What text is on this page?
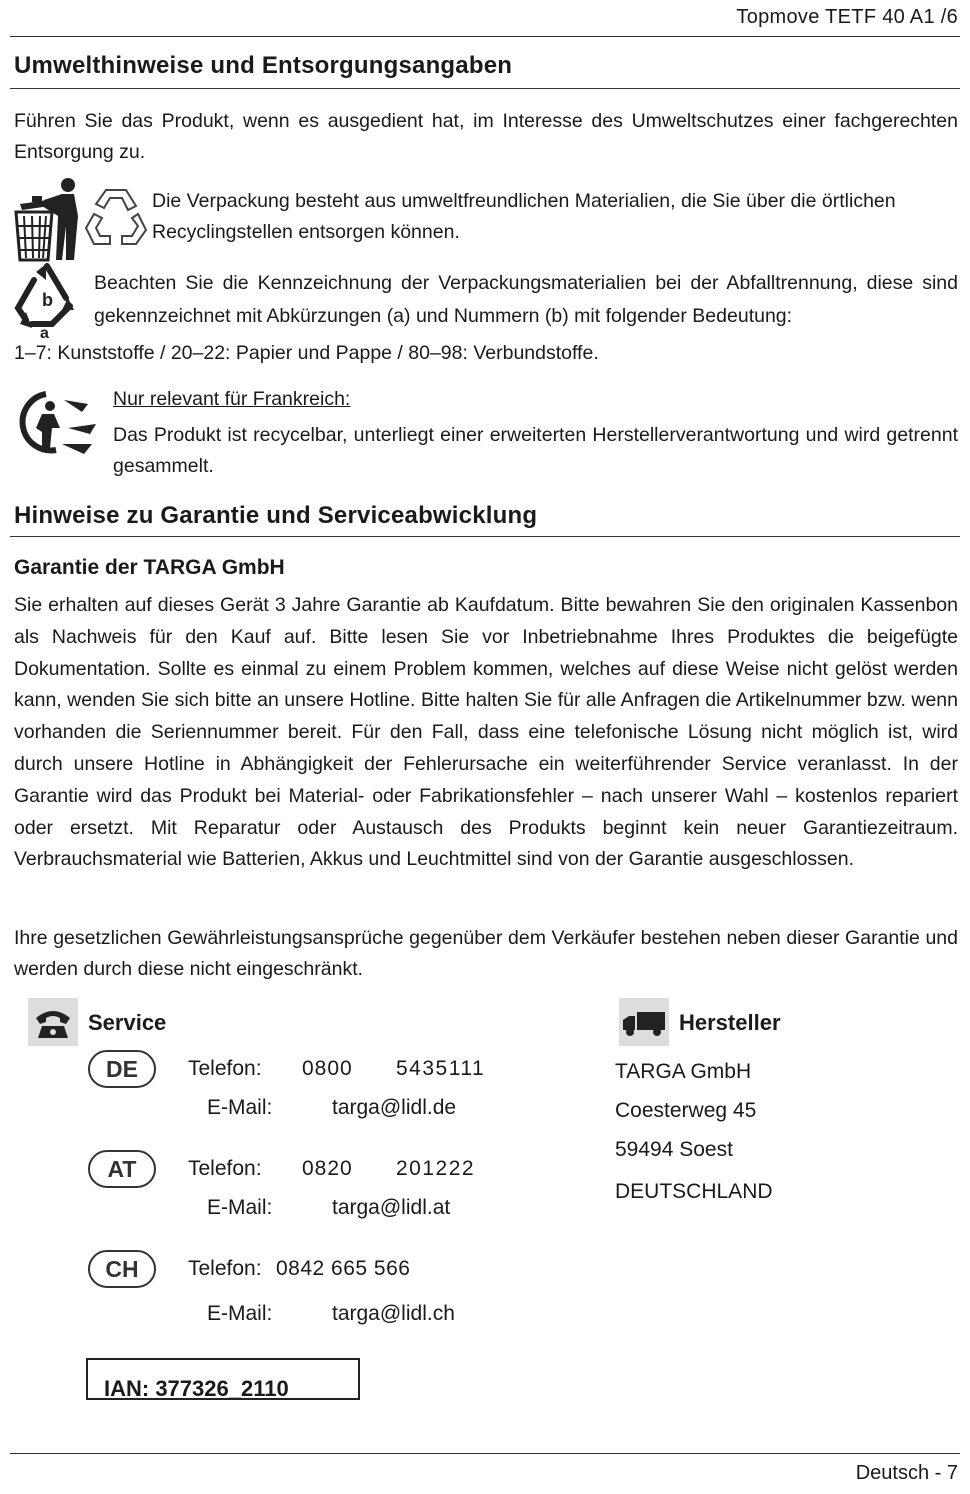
Topmove TETF 40 A1 /6
Umwelthinweise und Entsorgungsangaben

Führen Sie das Produkt, wenn es ausgedient hat, im Interesse des Umweltschutzes einer fachgerechten Entsorgung zu.

Die Verpackung besteht aus umweltfreundlichen Materialien, die Sie über die örtlichen Recyclingstellen entsorgen können.

b
a

Beachten Sie die Kennzeichnung der Verpackungsmaterialien bei der Abfalltrennung, diese sind gekennzeichnet mit Abkürzungen (a) und Nummern (b) mit folgender Bedeutung:

1–7: Kunststoffe / 20–22: Papier und Pappe / 80–98: Verbundstoffe.
Nur relevant für Frankreich:

Das Produkt ist recycelbar, unterliegt einer erweiterten Herstellerverantwortung und wird getrennt gesammelt.

Hinweise zu Garantie und Serviceabwicklung
Garantie der TARGA GmbH

Sie erhalten auf dieses Gerät 3 Jahre Garantie ab Kaufdatum. Bitte bewahren Sie den originalen Kassenbon als Nachweis für den Kauf auf. Bitte lesen Sie vor Inbetriebnahme Ihres Produktes die beigefügte Dokumentation. Sollte es einmal zu einem Problem kommen, welches auf diese Weise nicht gelöst werden kann, wenden Sie sich bitte an unsere Hotline. Bitte halten Sie für alle Anfragen die Artikelnummer bzw. wenn vorhanden die Seriennummer bereit. Für den Fall, dass eine telefonische Lösung nicht möglich ist, wird durch unsere Hotline in Abhängigkeit der Fehlerursache ein weiterführender Service veranlasst. In der Garantie wird das Produkt bei Material- oder Fabrikationsfehler – nach unserer Wahl – kostenlos repariert oder ersetzt. Mit Reparatur oder Austausch des Produkts beginnt kein neuer Garantiezeitraum. Verbrauchsmaterial wie Batterien, Akkus und Leuchtmittel sind von der Garantie ausgeschlossen.

Ihre gesetzlichen Gewährleistungsansprüche gegenüber dem Verkäufer bestehen neben dieser Garantie und werden durch diese nicht eingeschränkt.

Service
DE	Telefon: 0800 5435111
E-Mail:	targa@lidl.de
AT	Telefon: 0820 201222
E-Mail:	targa@lidl.at
CH	Telefon: 0842 665 566
E-Mail:	targa@lidl.ch
IAN: 377326_2110
Hersteller
TARGA GmbH
Coesterweg 45
59494 Soest
DEUTSCHLAND
Deutsch - 7
